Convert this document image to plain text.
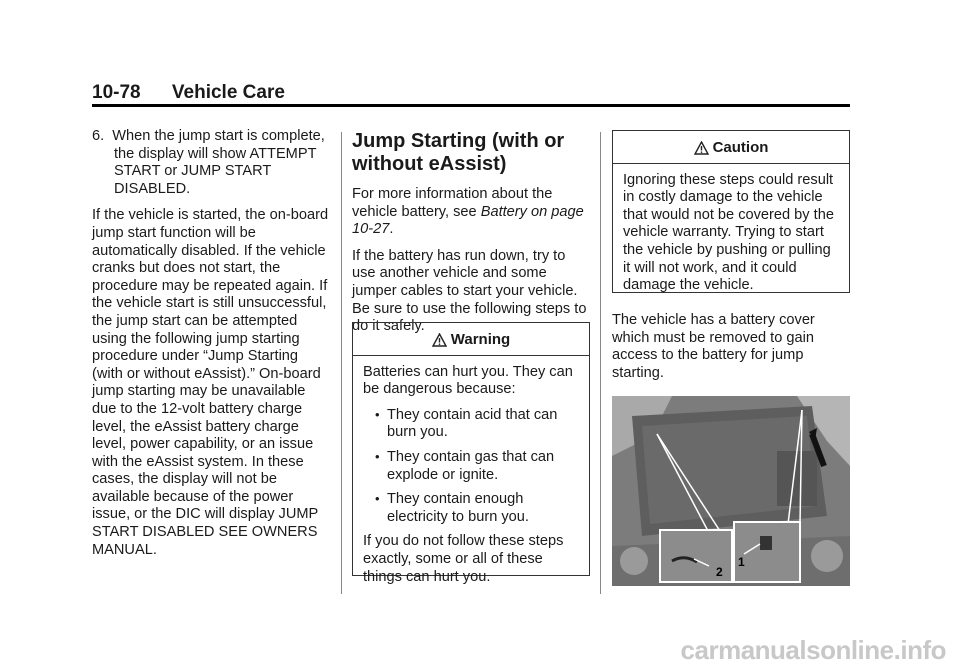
10-78 Vehicle Care
6. When the jump start is complete, the display will show ATTEMPT START or JUMP START DISABLED.

If the vehicle is started, the on-board jump start function will be automatically disabled. If the vehicle cranks but does not start, the procedure may be repeated again. If the vehicle start is still unsuccessful, the jump start can be attempted using the following jump starting procedure under “Jump Starting (with or without eAssist).” On-board jump starting may be unavailable due to the 12-volt battery charge level, the eAssist battery charge level, power capability, or an issue with the eAssist system. In these cases, the display will not be available because of the power issue, or the DIC will display JUMP START DISABLED SEE OWNERS MANUAL.

Jump Starting (with or without eAssist)

For more information about the vehicle battery, see Battery on page 10-27.

If the battery has run down, try to use another vehicle and some jumper cables to start your vehicle. Be sure to use the following steps to do it safely.

Warning

Batteries can hurt you. They can be dangerous because:

• They contain acid that can burn you.
• They contain gas that can explode or ignite.
• They contain enough electricity to burn you.

If you do not follow these steps exactly, some or all of these things can hurt you.

Caution

Ignoring these steps could result in costly damage to the vehicle that would not be covered by the vehicle warranty. Trying to start the vehicle by pushing or pulling it will not work, and it could damage the vehicle.

The vehicle has a battery cover which must be removed to gain access to the battery for jump starting.

2
1
carmanualsonline.info
